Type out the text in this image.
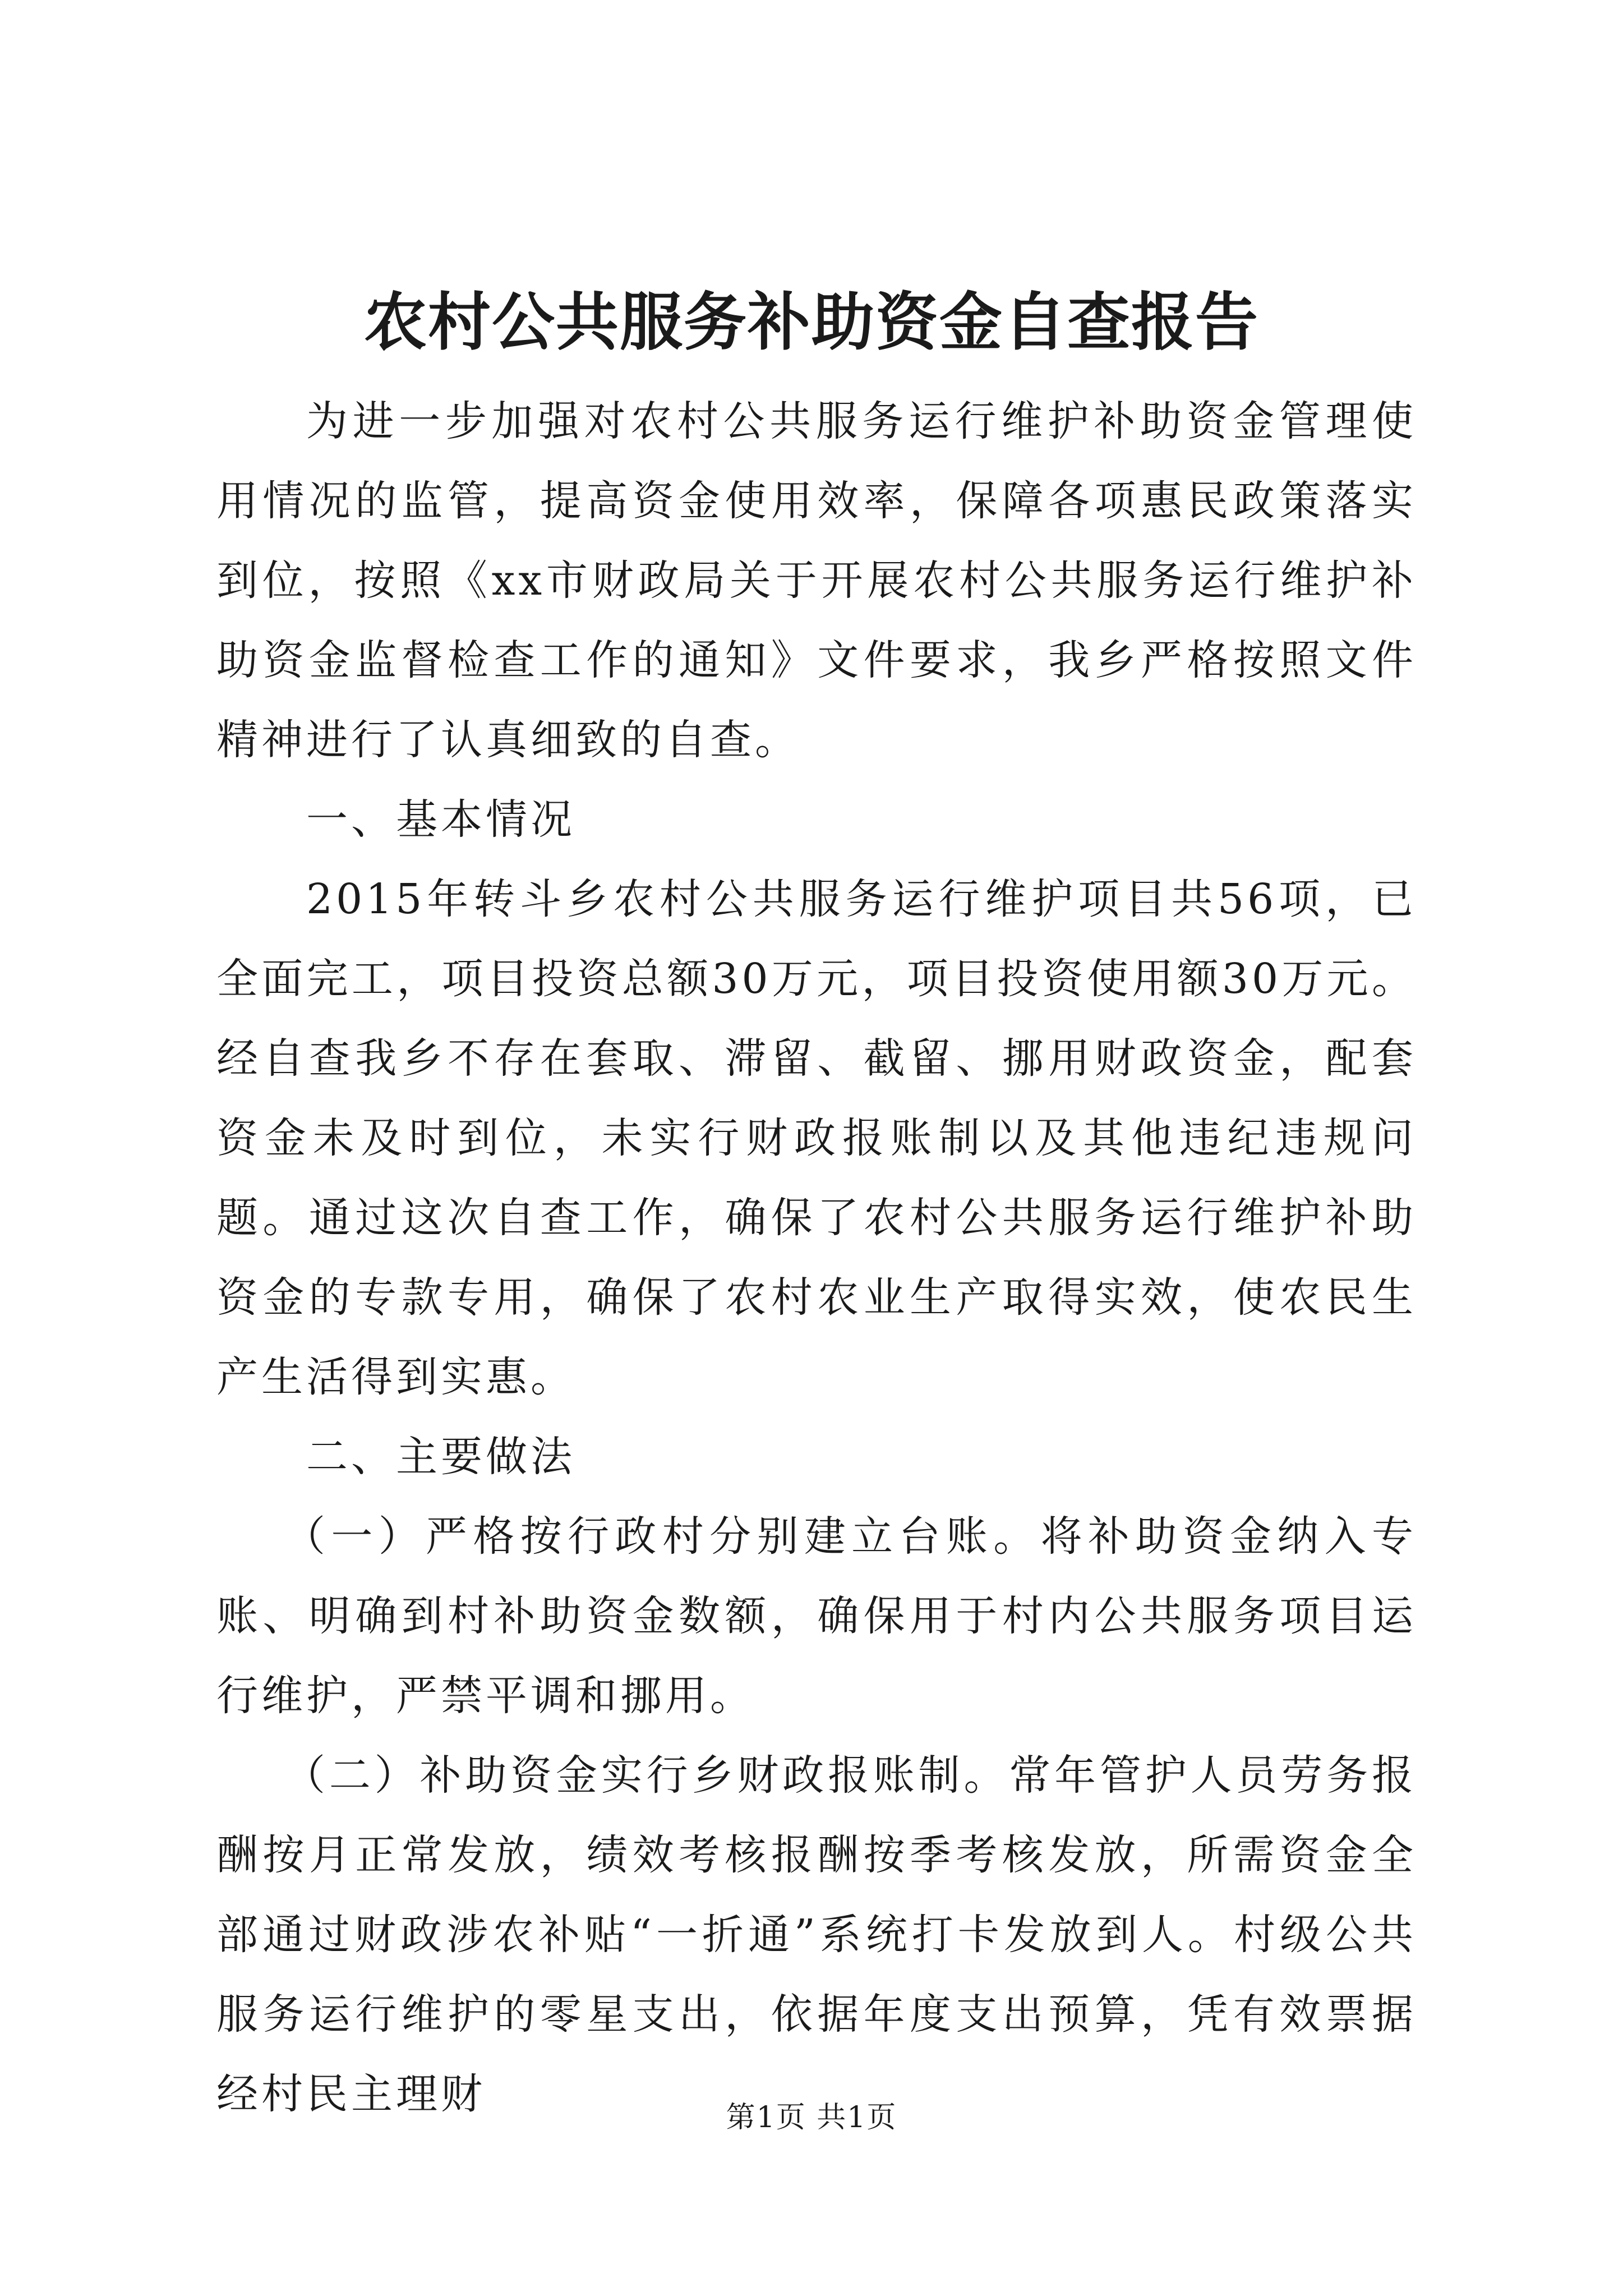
农村公共服务补助资金自查报告

为进一步加强对农村公共服务运行维护补助资金管理使用情况的监管，提高资金使用效率，保障各项惠民政策落实到位，按照《xx市财政局关于开展农村公共服务运行维护补助资金监督检查工作的通知》文件要求，我乡严格按照文件精神进行了认真细致的自查。

一、基本情况

2015年转斗乡农村公共服务运行维护项目共56项，已全面完工，项目投资总额30万元，项目投资使用额30万元。经自查我乡不存在套取、滞留、截留、挪用财政资金，配套资金未及时到位，未实行财政报账制以及其他违纪违规问题。通过这次自查工作，确保了农村公共服务运行维护补助资金的专款专用，确保了农村农业生产取得实效，使农民生产生活得到实惠。

二、主要做法

（一）严格按行政村分别建立台账。将补助资金纳入专账、明确到村补助资金数额，确保用于村内公共服务项目运行维护，严禁平调和挪用。

（二）补助资金实行乡财政报账制。常年管护人员劳务报酬按月正常发放，绩效考核报酬按季考核发放，所需资金全部通过财政涉农补贴“一折通”系统打卡发放到人。村级公共服务运行维护的零星支出，依据年度支出预算，凭有效票据经村民主理财	第1页 共1页
